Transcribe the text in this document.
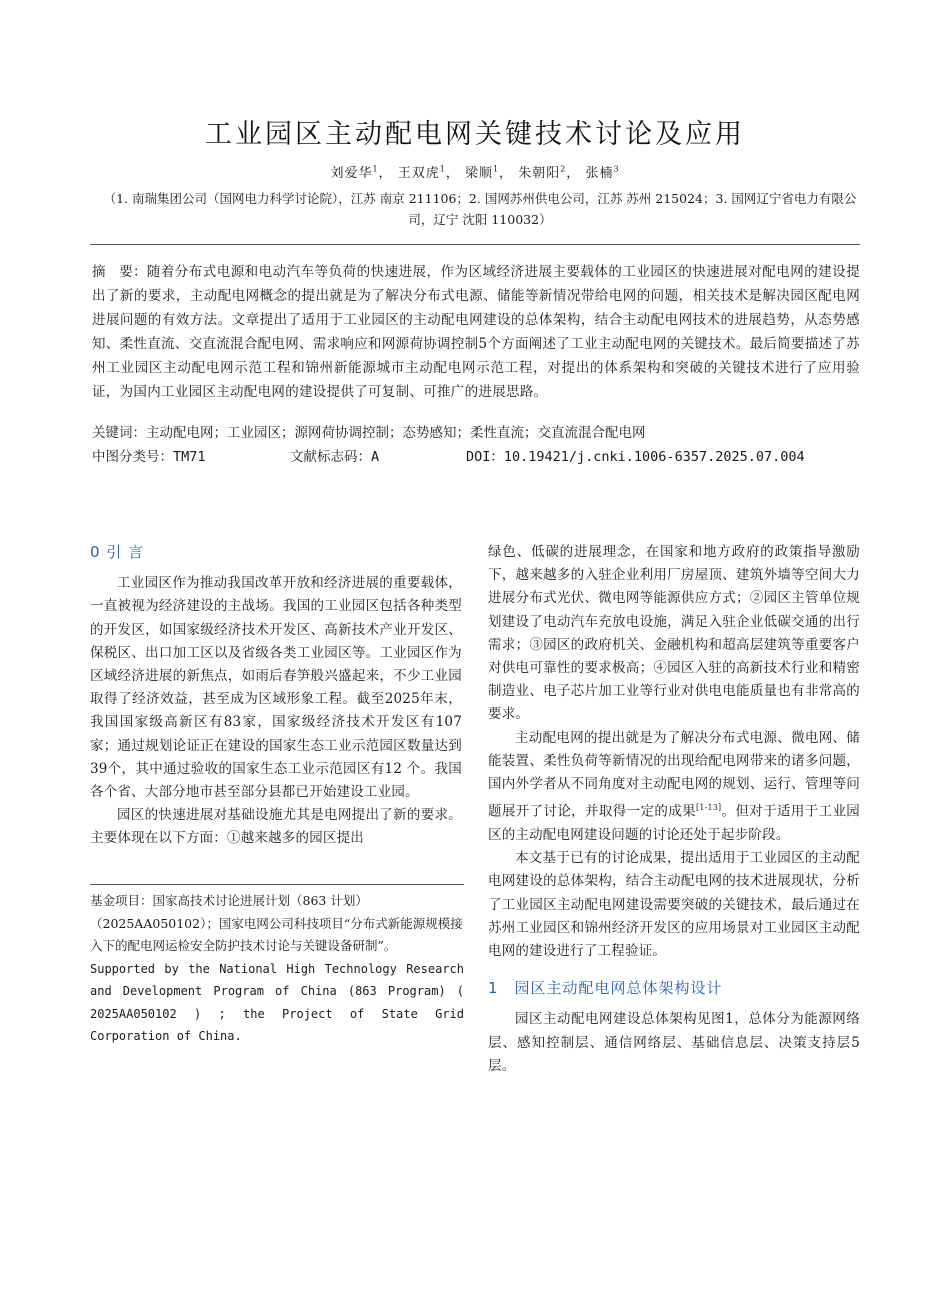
工业园区主动配电网关键技术讨论及应用
刘爱华$^1$， 王双虎$^1$， 梁顺$^1$， 朱朝阳$^2$， 张楠$^3$
（1. 南瑞集团公司（国网电力科学讨论院），江苏 南京 211106；2. 国网苏州供电公司，江苏 苏州 215024；3. 国网辽宁省电力有限公司，辽宁 沈阳 110032）
摘　要：随着分布式电源和电动汽车等负荷的快速进展，作为区域经济进展主要载体的工业园区的快速进展对配电网的建设提出了新的要求，主动配电网概念的提出就是为了解决分布式电源、储能等新情况带给电网的问题，相关技术是解决园区配电网进展问题的有效方法。文章提出了适用于工业园区的主动配电网建设的总体架构，结合主动配电网技术的进展趋势，从态势感知、柔性直流、交直流混合配电网、需求响应和网源荷协调控制5个方面阐述了工业主动配电网的关键技术。最后简要描述了苏州工业园区主动配电网示范工程和锦州新能源城市主动配电网示范工程，对提出的体系架构和突破的关键技术进行了应用验证，为国内工业园区主动配电网的建设提供了可复制、可推广的进展思路。
关键词：主动配电网；工业园区；源网荷协调控制；态势感知；柔性直流；交直流混合配电网
中图分类号：TM71	文献标志码：A	DOI：10.19421/j.cnki.1006-6357.2025.07.004

0 引 言

工业园区作为推动我国改革开放和经济进展的重要载体，一直被视为经济建设的主战场。我国的工业园区包括各种类型的开发区，如国家级经济技术开发区、高新技术产业开发区、保税区、出口加工区以及省级各类工业园区等。工业园区作为区域经济进展的新焦点，如雨后春笋般兴盛起来，不少工业园取得了经济效益，甚至成为区域形象工程。截至2025年末，我国国家级高新区有83家，国家级经济技术开发区有107家；通过规划论证正在建设的国家生态工业示范园区数量达到39个，其中通过验收的国家生态工业示范园区有12 个。我国各个省、大部分地市甚至部分县都已开始建设工业园。

园区的快速进展对基础设施尤其是电网提出了新的要求。主要体现在以下方面：①越来越多的园区提出

基金项目：国家高技术讨论进展计划（863 计划）（2025AA050102）；国家电网公司科技项目“分布式新能源规模接入下的配电网运检安全防护技术讨论与关键设备研制”。

Supported by the National High Technology Research and Development Program of China (863 Program) ( 2025AA050102 ) ; the Project of State Grid Corporation of China.

绿色、低碳的进展理念，在国家和地方政府的政策指导激励下，越来越多的入驻企业利用厂房屋顶、建筑外墙等空间大力进展分布式光伏、微电网等能源供应方式；②园区主管单位规划建设了电动汽车充放电设施，满足入驻企业低碳交通的出行需求；③园区的政府机关、金融机构和超高层建筑等重要客户对供电可靠性的要求极高；④园区入驻的高新技术行业和精密制造业、电子芯片加工业等行业对供电电能质量也有非常高的要求。

主动配电网的提出就是为了解决分布式电源、微电网、储能装置、柔性负荷等新情况的出现给配电网带来的诸多问题，国内外学者从不同角度对主动配电网的规划、运行、管理等问题展开了讨论，并取得一定的成果[1-13]。但对于适用于工业园区的主动配电网建设问题的讨论还处于起步阶段。

本文基于已有的讨论成果，提出适用于工业园区的主动配电网建设的总体架构，结合主动配电网的技术进展现状，分析了工业园区主动配电网建设需要突破的关键技术，最后通过在苏州工业园区和锦州经济开发区的应用场景对工业园区主动配电网的建设进行了工程验证。

1　园区主动配电网总体架构设计

园区主动配电网建设总体架构见图1，总体分为能源网络层、感知控制层、通信网络层、基础信息层、决策支持层5层。
